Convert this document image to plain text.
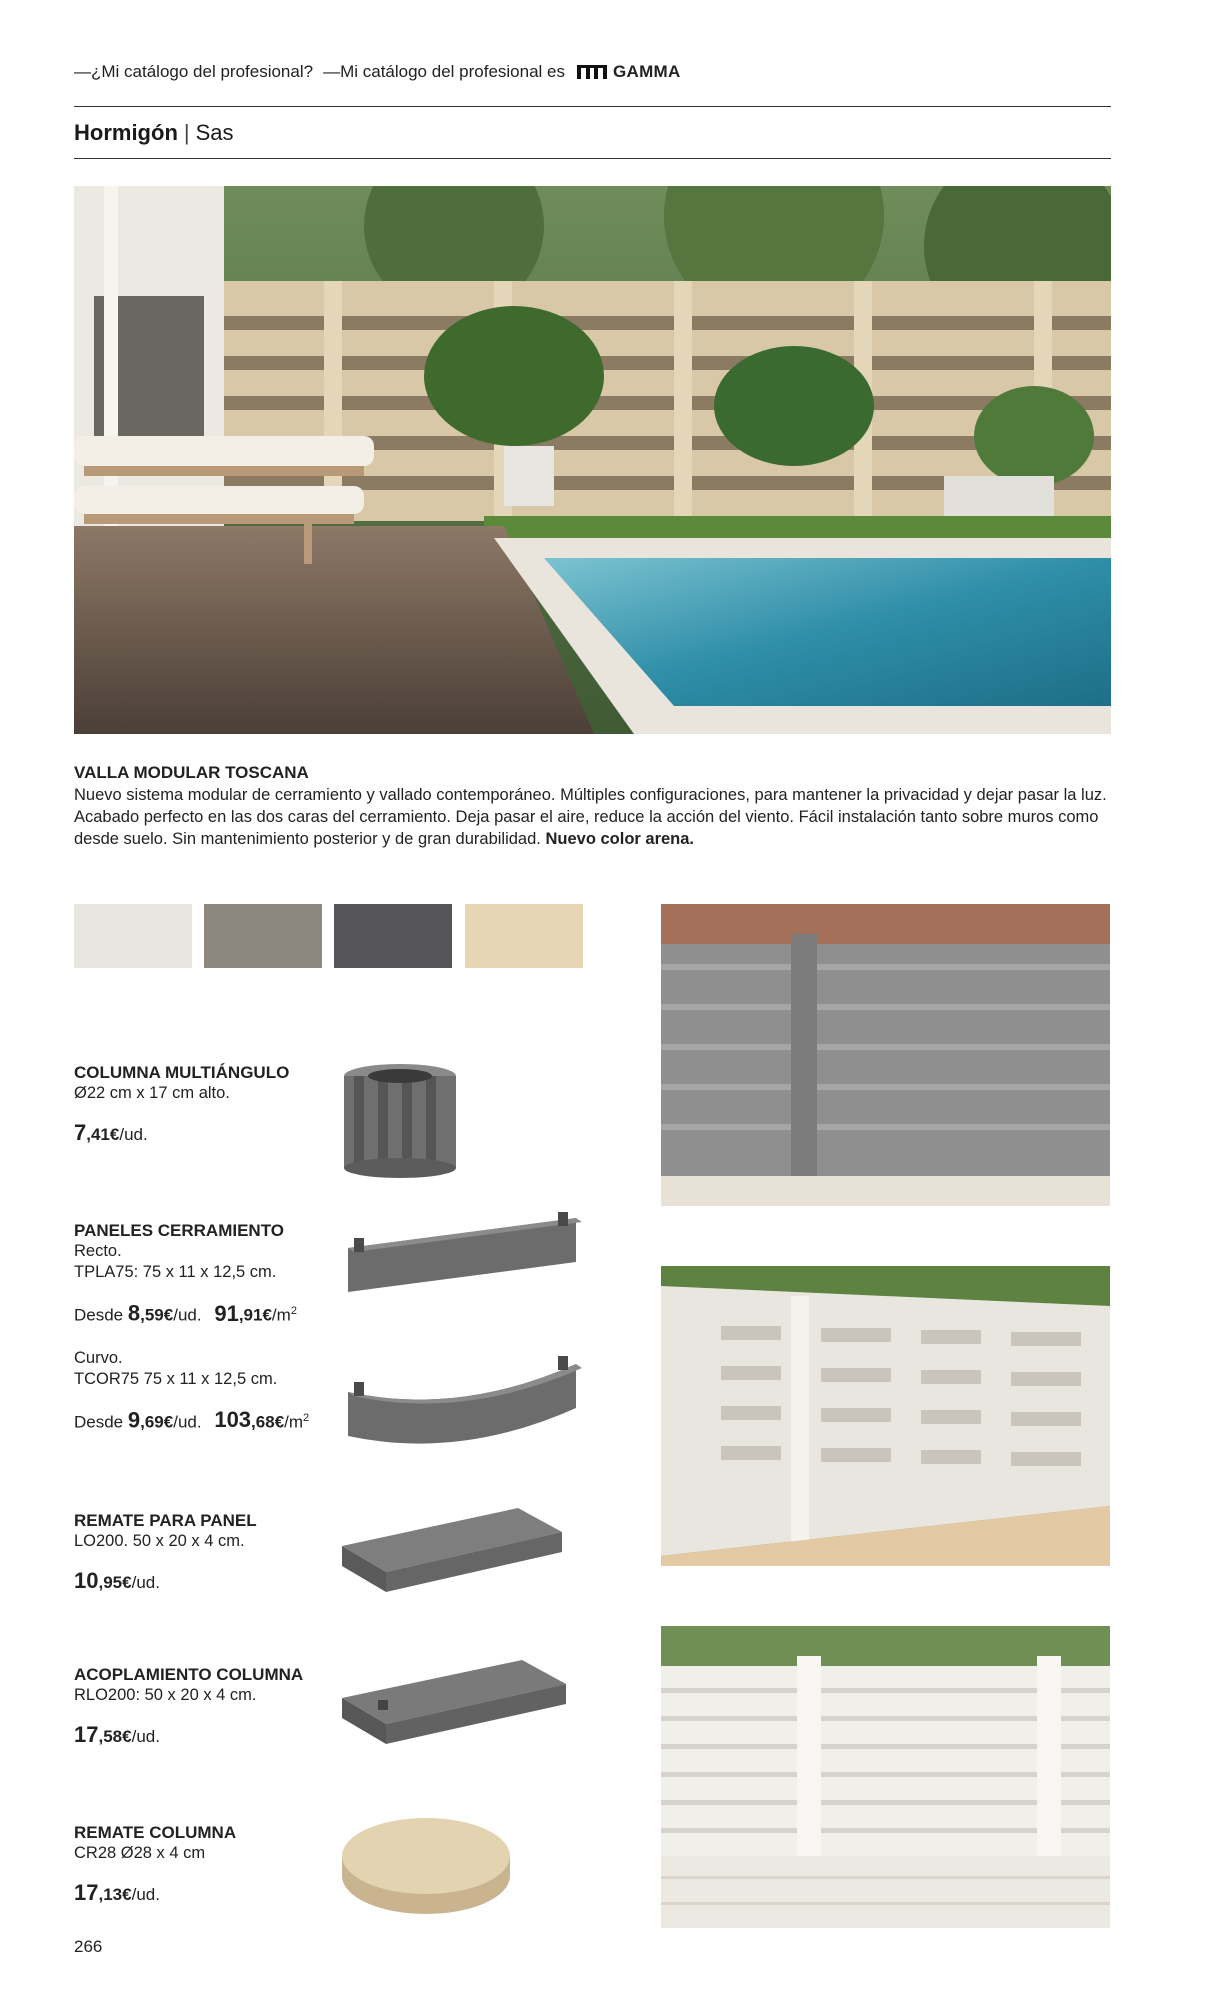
—¿Mi catálogo del profesional? —Mi catálogo del profesional es	GAMMA
Hormigón | Sas
VALLA MODULAR TOSCANA
Nuevo sistema modular de cerramiento y vallado contemporáneo. Múltiples configuraciones, para mantener la privacidad y dejar pasar la luz. Acabado perfecto en las dos caras del cerramiento. Deja pasar el aire, reduce la acción del viento. Fácil instalación tanto sobre muros como desde suelo. Sin mantenimiento posterior y de gran durabilidad. Nuevo color arena.
COLUMNA MULTIÁNGULO
Ø22 cm x 17 cm alto.
7,41€/ud.
PANELES CERRAMIENTO
Recto.
TPLA75: 75 x 11 x 12,5 cm.
Desde 8,59€/ud. $91,91€/m^2$
Curvo.
TCOR75 75 x 11 x 12,5 cm.
Desde 9,69€/ud. $103,68€/m^2$
REMATE PARA PANEL
LO200. 50 x 20 x 4 cm.
10,95€/ud.
ACOPLAMIENTO COLUMNA
RLO200: 50 x 20 x 4 cm.
17,58€/ud.
REMATE COLUMNA
CR28 Ø28 x 4 cm
17,13€/ud.
266
